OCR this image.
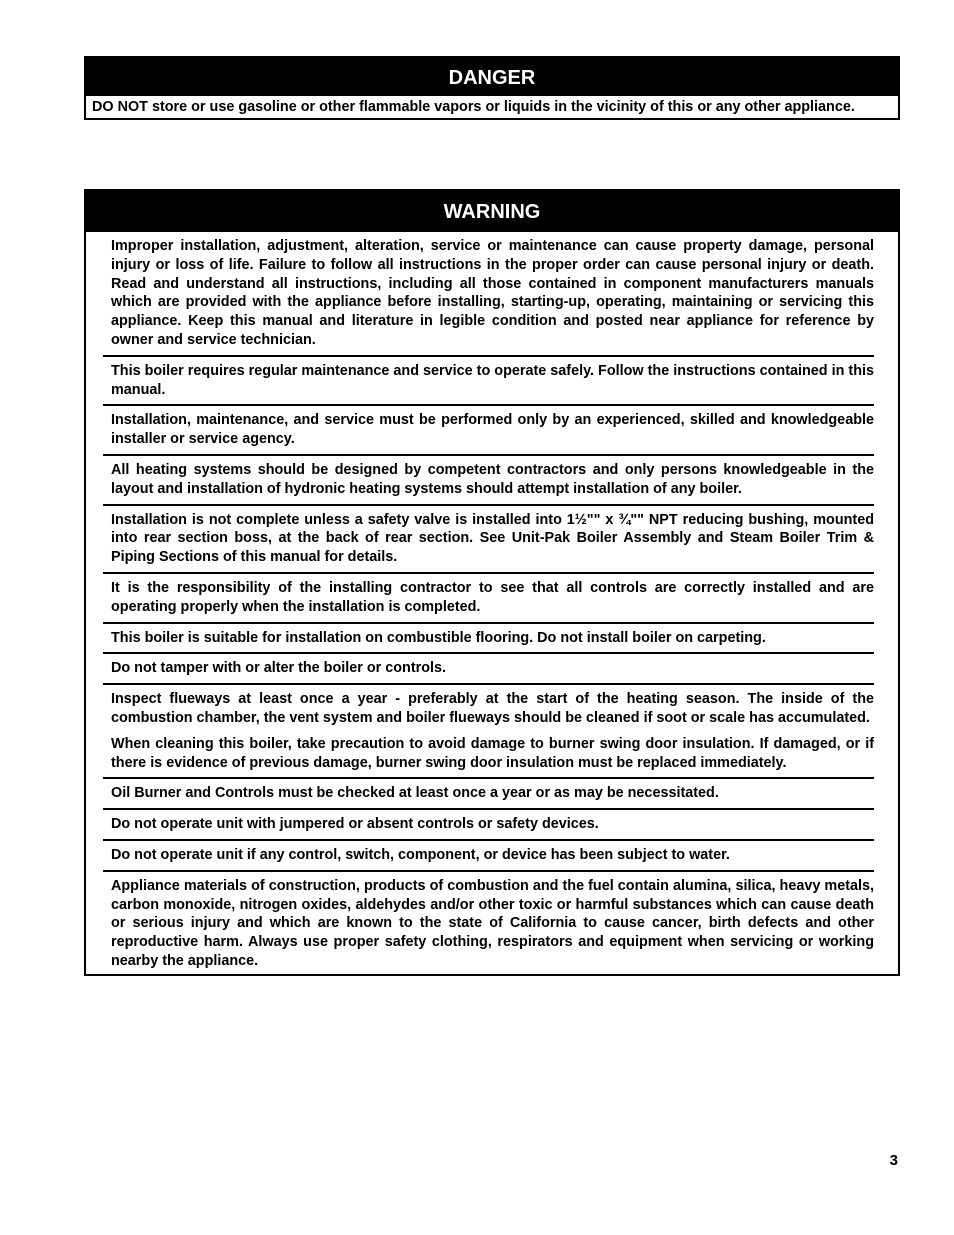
DANGER
DO NOT store or use gasoline or other flammable vapors or liquids in the vicinity of this or any other appliance.
WARNING
Improper installation, adjustment, alteration, service or maintenance can cause property damage, personal injury or loss of life. Failure to follow all instructions in the proper order can cause personal injury or death. Read and understand all instructions, including all those contained in component manufacturers manuals which are provided with the appliance before installing, starting-up, operating, maintaining or servicing this appliance. Keep this manual and literature in legible condition and posted near appliance for reference by owner and service technician.
This boiler requires regular maintenance and service to operate safely. Follow the instructions contained in this manual.
Installation, maintenance, and service must be performed only by an experienced, skilled and knowledgeable installer or service agency.
All heating systems should be designed by competent contractors and only persons knowledgeable in the layout and installation of hydronic heating systems should attempt installation of any boiler.
Installation is not complete unless a safety valve is installed into 1½"" x ¾"" NPT reducing bushing, mounted into rear section boss, at the back of rear section. See Unit-Pak Boiler Assembly and Steam Boiler Trim & Piping Sections of this manual for details.
It is the responsibility of the installing contractor to see that all controls are correctly installed and are operating properly when the installation is completed.
This boiler is suitable for installation on combustible flooring. Do not install boiler on carpeting.
Do not tamper with or alter the boiler or controls.
Inspect flueways at least once a year - preferably at the start of the heating season. The inside of the combustion chamber, the vent system and boiler flueways should be cleaned if soot or scale has accumulated.
When cleaning this boiler, take precaution to avoid damage to burner swing door insulation. If damaged, or if there is evidence of previous damage, burner swing door insulation must be replaced immediately.
Oil Burner and Controls must be checked at least once a year or as may be necessitated.
Do not operate unit with jumpered or absent controls or safety devices.
Do not operate unit if any control, switch, component, or device has been subject to water.
Appliance materials of construction, products of combustion and the fuel contain alumina, silica, heavy metals, carbon monoxide, nitrogen oxides, aldehydes and/or other toxic or harmful substances which can cause death or serious injury and which are known to the state of California to cause cancer, birth defects and other reproductive harm. Always use proper safety clothing, respirators and equipment when servicing or working nearby the appliance.
3
